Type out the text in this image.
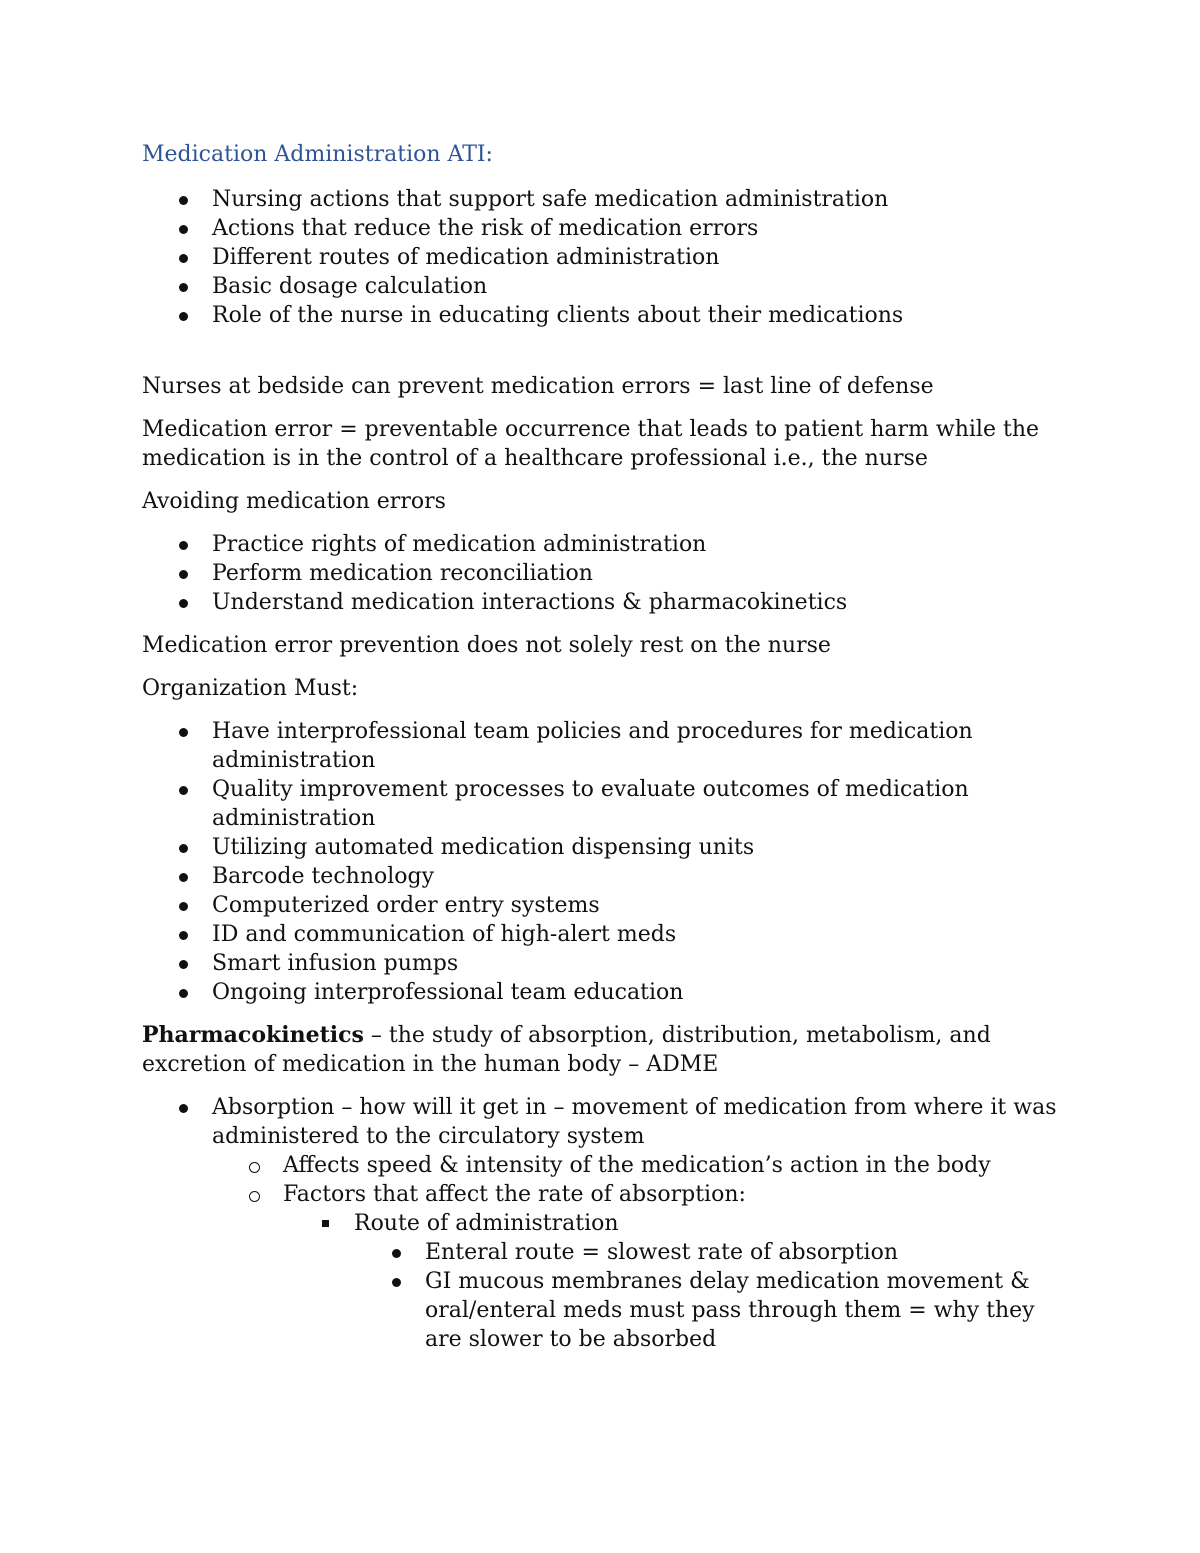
Medication Administration ATI:
Nursing actions that support safe medication administration
Actions that reduce the risk of medication errors
Different routes of medication administration
Basic dosage calculation
Role of the nurse in educating clients about their medications

Nurses at bedside can prevent medication errors = last line of defense

Medication error = preventable occurrence that leads to patient harm while the medication is in the control of a healthcare professional i.e., the nurse

Avoiding medication errors

Practice rights of medication administration
Perform medication reconciliation
Understand medication interactions & pharmacokinetics

Medication error prevention does not solely rest on the nurse

Organization Must:

Have interprofessional team policies and procedures for medication administration
Quality improvement processes to evaluate outcomes of medication administration
Utilizing automated medication dispensing units
Barcode technology
Computerized order entry systems
ID and communication of high-alert meds
Smart infusion pumps
Ongoing interprofessional team education

Pharmacokinetics – the study of absorption, distribution, metabolism, and excretion of medication in the human body – ADME

Absorption – how will it get in – movement of medication from where it was administered to the circulatory system
Affects speed & intensity of the medication’s action in the body
Factors that affect the rate of absorption:
Route of administration
Enteral route = slowest rate of absorption
GI mucous membranes delay medication movement & oral/enteral meds must pass through them = why they are slower to be absorbed
